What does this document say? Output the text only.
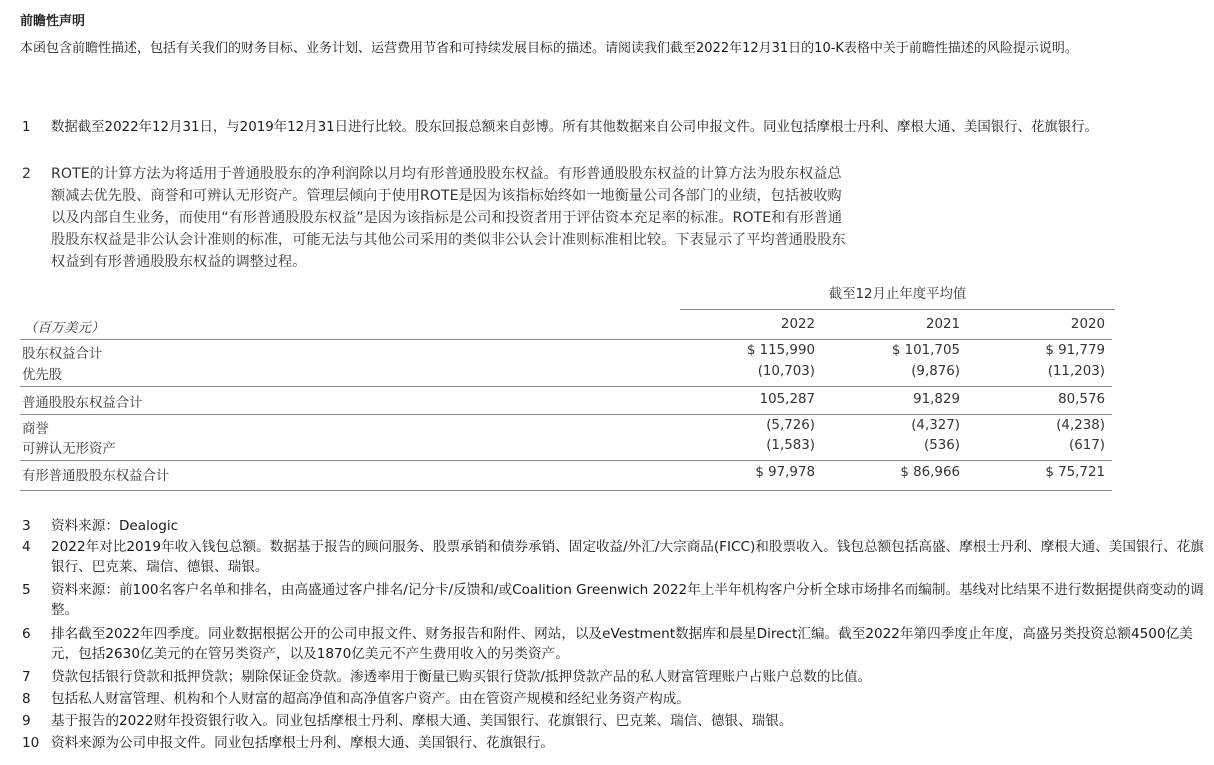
前瞻性声明
本函包含前瞻性描述，包括有关我们的财务目标、业务计划、运营费用节省和可持续发展目标的描述。请阅读我们截至2022年12月31日的10-K表格中关于前瞻性描述的风险提示说明。
1	数据截至2022年12月31日，与2019年12月31日进行比较。股东回报总额来自彭博。所有其他数据来自公司申报文件。同业包括摩根士丹利、摩根大通、美国银行、花旗银行。
2	ROTE的计算方法为将适用于普通股股东的净利润除以月均有形普通股股东权益。有形普通股股东权益的计算方法为股东权益总额减去优先股、商誉和可辨认无形资产。管理层倾向于使用ROTE是因为该指标始终如一地衡量公司各部门的业绩，包括被收购以及内部自生业务，而使用“有形普通股股东权益”是因为该指标是公司和投资者用于评估资本充足率的标准。ROTE和有形普通股股东权益是非公认会计准则的标准，可能无法与其他公司采用的类似非公认会计准则标准相比较。下表显示了平均普通股股东权益到有形普通股股东权益的调整过程。
截至12月止年度平均值
（百万美元）	2022	2021	2020
股东权益合计	$ 115,990	$ 101,705	$ 91,779
优先股	(10,703)	(9,876)	(11,203)
普通股股东权益合计	105,287	91,829	80,576
商誉	(5,726)	(4,327)	(4,238)
可辨认无形资产	(1,583)	(536)	(617)
有形普通股股东权益合计	$ 97,978	$ 86,966	$ 75,721
3	资料来源：Dealogic
4	2022年对比2019年收入钱包总额。数据基于报告的顾问服务、股票承销和债券承销、固定收益/外汇/大宗商品(FICC)和股票收入。钱包总额包括高盛、摩根士丹利、摩根大通、美国银行、花旗银行、巴克莱、瑞信、德银、瑞银。
5	资料来源：前100名客户名单和排名，由高盛通过客户排名/记分卡/反馈和/或Coalition Greenwich 2022年上半年机构客户分析全球市场排名而编制。基线对比结果不进行数据提供商变动的调整。
6	排名截至2022年四季度。同业数据根据公开的公司申报文件、财务报告和附件、网站，以及eVestment数据库和晨星Direct汇编。截至2022年第四季度止年度，高盛另类投资总额4500亿美元，包括2630亿美元的在管另类资产，以及1870亿美元不产生费用收入的另类资产。
7	贷款包括银行贷款和抵押贷款；剔除保证金贷款。渗透率用于衡量已购买银行贷款/抵押贷款产品的私人财富管理账户占账户总数的比值。
8	包括私人财富管理、机构和个人财富的超高净值和高净值客户资产。由在管资产规模和经纪业务资产构成。
9	基于报告的2022财年投资银行收入。同业包括摩根士丹利、摩根大通、美国银行、花旗银行、巴克莱、瑞信、德银、瑞银。
10 资料来源为公司申报文件。同业包括摩根士丹利、摩根大通、美国银行、花旗银行。
